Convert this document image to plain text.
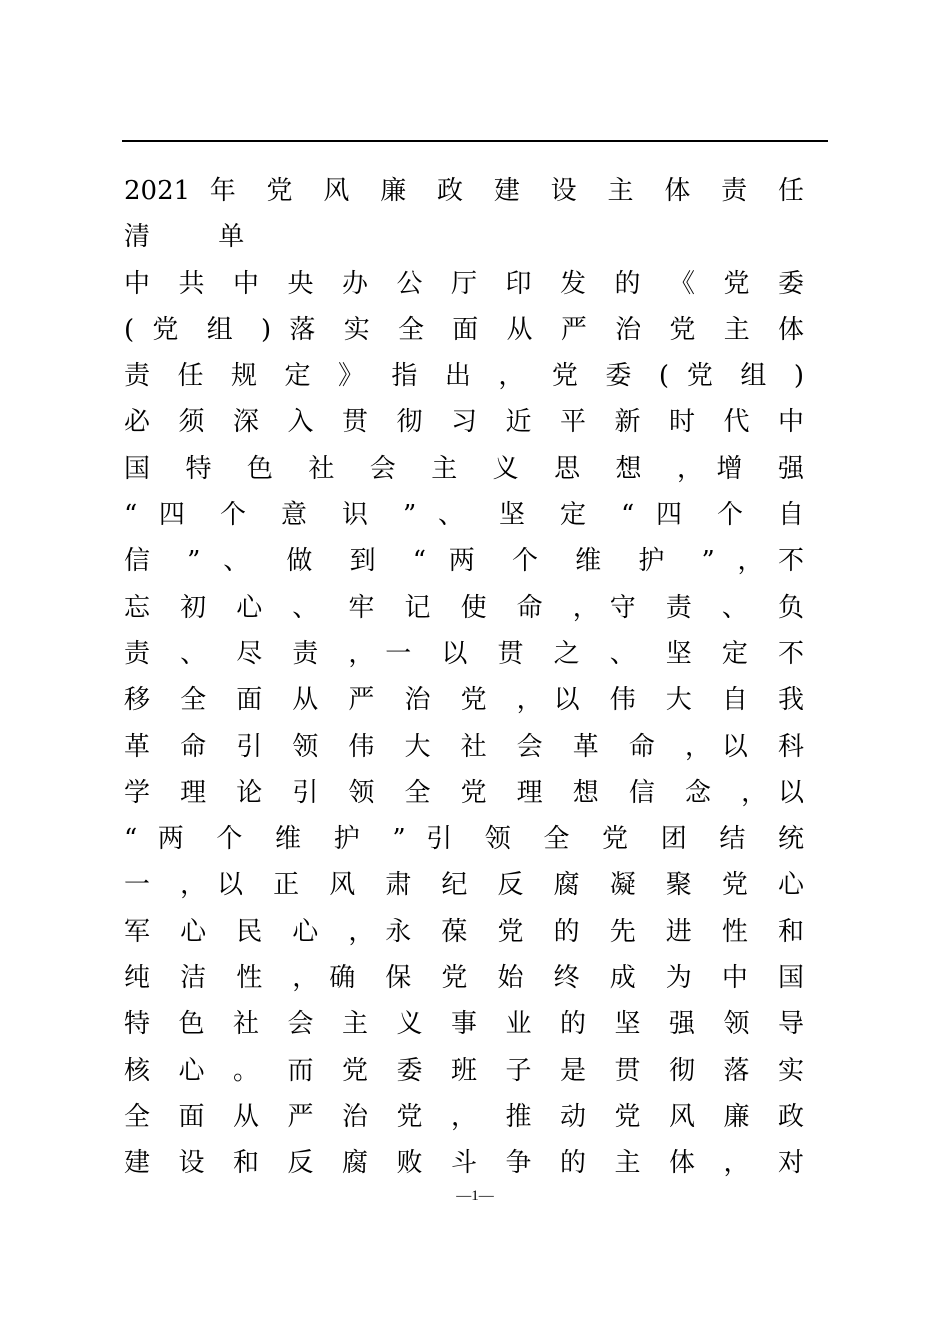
2021 年 党 风 廉 政 建 设 主 体 责 任
清 单
中 共 中 央 办 公 厅 印 发 的 《 党 委
( 党 组 ) 落 实 全 面 从 严 治 党 主 体
责 任 规 定 》 指 出 ， 党 委 ( 党 组 )
必 须 深 入 贯 彻 习 近 平 新 时 代 中
国 特 色 社 会 主 义 思 想 ，增 强
“ 四 个 意 识 ” 、 坚 定 “ 四 个 自
信 ” 、 做 到 “ 两 个 维 护 ” ，不
忘 初 心 、 牢 记 使 命 ，守 责 、 负
责 、 尽 责 ，一 以 贯 之 、 坚 定 不
移 全 面 从 严 治 党 ，以 伟 大 自 我
革 命 引 领 伟 大 社 会 革 命 ，以 科
学 理 论 引 领 全 党 理 想 信 念 ，以
“ 两 个 维 护 ” 引 领 全 党 团 结 统
一 ，以 正 风 肃 纪 反 腐 凝 聚 党 心
军 心 民 心 ，永 葆 党 的 先 进 性 和
纯 洁 性 ，确 保 党 始 终 成 为 中 国
特 色 社 会 主 义 事 业 的 坚 强 领 导
核 心 。 而 党 委 班 子 是 贯 彻 落 实
全 面 从 严 治 党 ， 推 动 党 风 廉 政
建 设 和 反 腐 败 斗 争 的 主 体 ， 对
—1—
